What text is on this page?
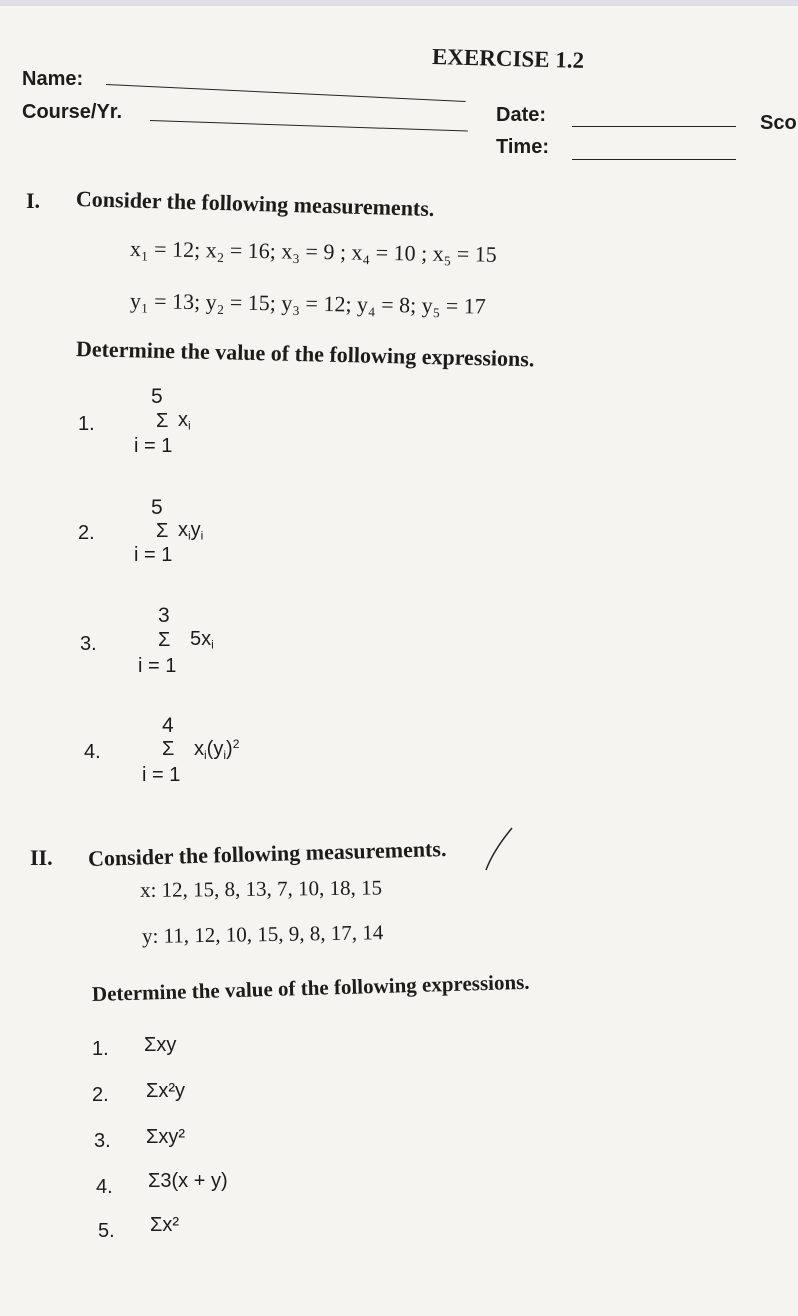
EXERCISE 1.2
Name:
Course/Yr.	Date:
Time:
Sco
I. Consider the following measurements.
x₁ = 12; x₂ = 16; x₃ = 9 ; x₄ = 10 ; x₅ = 15
y₁ = 13; y₂ = 15; y₃ = 12; y₄ = 8; y₅ = 17
Determine the value of the following expressions.
1.
5
Σ $x_i$
i = 1
2.
5
Σ $x_iy_i$
i = 1
3.
3
Σ $5x_i$
i = 1
4.
4
Σ $x_i(y_i)^2$
i = 1
II. Consider the following measurements.
x: 12, 15, 8, 13, 7, 10, 18, 15
y: 11, 12, 10, 15, 9, 8, 17, 14
Determine the value of the following expressions.
1. Σxy
2. Σx²y
3. Σxy²
4. Σ3(x + y)
5. Σx²
